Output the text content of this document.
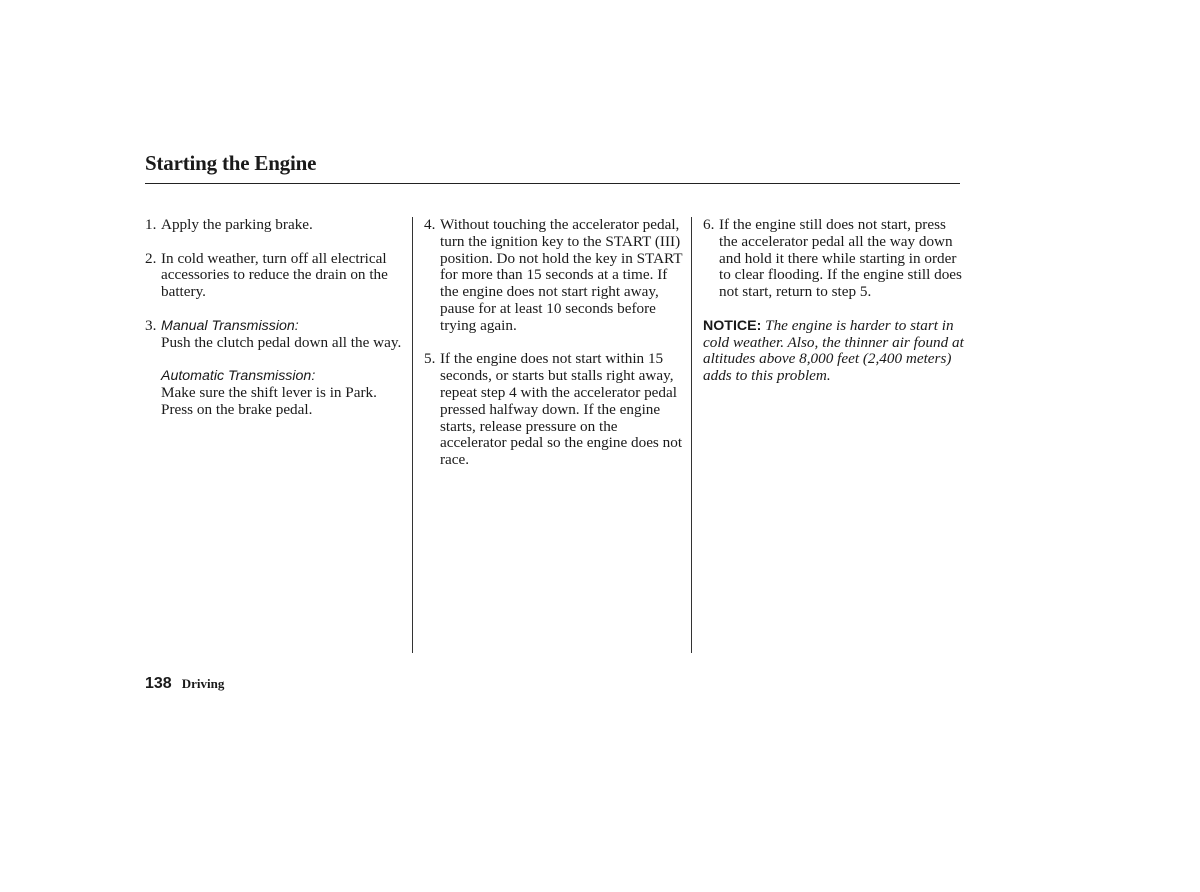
Starting the Engine
1. Apply the parking brake.
2. In cold weather, turn off all electrical accessories to reduce the drain on the battery.
3. Manual Transmission:
Push the clutch pedal down all the way.
Automatic Transmission:
Make sure the shift lever is in Park. Press on the brake pedal.
4. Without touching the accelerator pedal, turn the ignition key to the START (III) position. Do not hold the key in START for more than 15 seconds at a time. If the engine does not start right away, pause for at least 10 seconds before trying again.
5. If the engine does not start within 15 seconds, or starts but stalls right away, repeat step 4 with the accelerator pedal pressed halfway down. If the engine starts, release pressure on the accelerator pedal so the engine does not race.
6. If the engine still does not start, press the accelerator pedal all the way down and hold it there while starting in order to clear flooding. If the engine still does not start, return to step 5.
NOTICE: The engine is harder to start in cold weather. Also, the thinner air found at altitudes above 8,000 feet (2,400 meters) adds to this problem.
138 Driving
